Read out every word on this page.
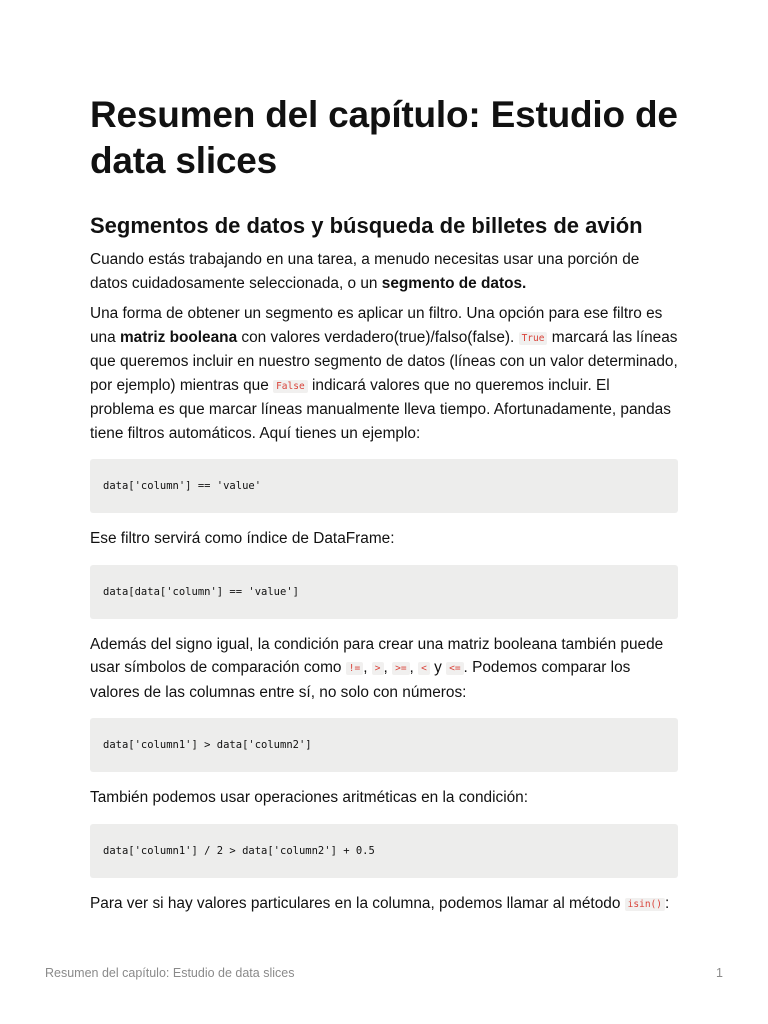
Resumen del capítulo: Estudio de data slices
Segmentos de datos y búsqueda de billetes de avión

Cuando estás trabajando en una tarea, a menudo necesitas usar una porción de datos cuidadosamente seleccionada, o un segmento de datos.

Una forma de obtener un segmento es aplicar un filtro. Una opción para ese filtro es una matriz booleana con valores verdadero(true)/falso(false). True marcará las líneas que queremos incluir en nuestro segmento de datos (líneas con un valor determinado, por ejemplo) mientras que False indicará valores que no queremos incluir. El problema es que marcar líneas manualmente lleva tiempo. Afortunadamente, pandas tiene filtros automáticos. Aquí tienes un ejemplo:

data['column'] == 'value'

Ese filtro servirá como índice de DataFrame:

data[data['column'] == 'value']

Además del signo igual, la condición para crear una matriz booleana también puede usar símbolos de comparación como != , > , >= , < y <= . Podemos comparar los valores de las columnas entre sí, no solo con números:

data['column1'] > data['column2']

También podemos usar operaciones aritméticas en la condición:

data['column1'] / 2 > data['column2'] + 0.5

Para ver si hay valores particulares en la columna, podemos llamar al método isin() :

Resumen del capítulo: Estudio de data slices	1
